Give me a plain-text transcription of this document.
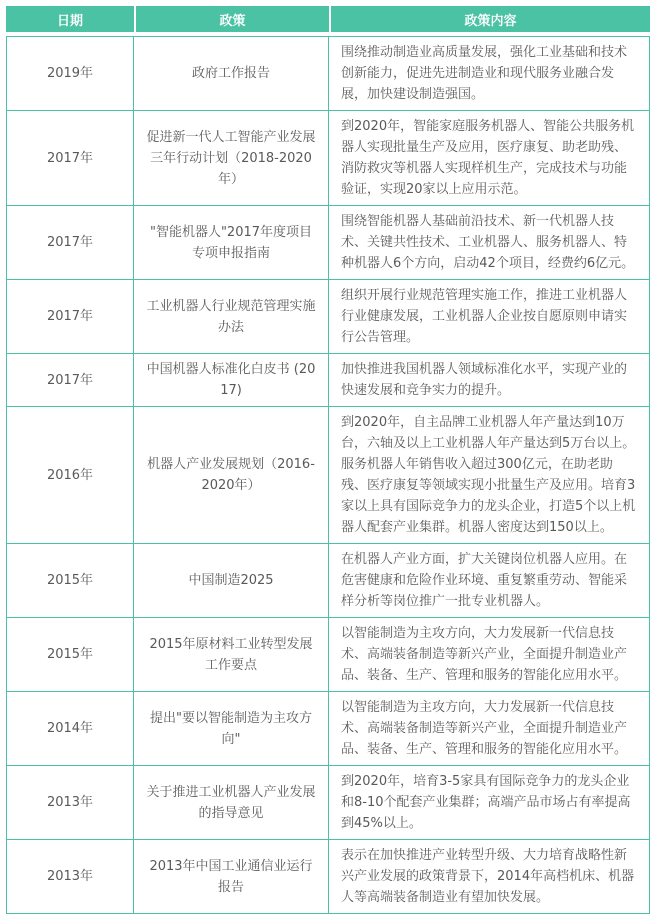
日期	政策	政策内容
2019年	政府工作报告	围绕推动制造业高质量发展，强化工业基础和技术创新能力，促进先进制造业和现代服务业融合发展，加快建设制造强国。
2017年	促进新一代人工智能产业发展三年行动计划（2018-2020年）	到2020年，智能家庭服务机器人、智能公共服务机器人实现批量生产及应用，医疗康复、助老助残、消防救灾等机器人实现样机生产，完成技术与功能验证，实现20家以上应用示范。
2017年	"智能机器人"2017年度项目专项申报指南	围绕智能机器人基础前沿技术、新一代机器人技术、关键共性技术、工业机器人、服务机器人、特种机器人6个方向，启动42个项目，经费约6亿元。
2017年	工业机器人行业规范管理实施办法	组织开展行业规范管理实施工作，推进工业机器人行业健康发展，工业机器人企业按自愿原则申请实行公告管理。
2017年	中国机器人标准化白皮书 (2017)	加快推进我国机器人领域标准化水平，实现产业的快速发展和竞争实力的提升。
2016年	机器人产业发展规划（2016-2020年）	到2020年，自主品牌工业机器人年产量达到10万台，六轴及以上工业机器人年产量达到5万台以上。服务机器人年销售收入超过300亿元，在助老助残、医疗康复等领域实现小批量生产及应用。培育3家以上具有国际竞争力的龙头企业，打造5个以上机器人配套产业集群。机器人密度达到150以上。
2015年	中国制造2025	在机器人产业方面，扩大关键岗位机器人应用。在危害健康和危险作业环境、重复繁重劳动、智能采样分析等岗位推广一批专业机器人。
2015年	2015年原材料工业转型发展工作要点	以智能制造为主攻方向，大力发展新一代信息技术、高端装备制造等新兴产业，全面提升制造业产品、装备、生产、管理和服务的智能化应用水平。
2014年	提出"要以智能制造为主攻方向"	以智能制造为主攻方向，大力发展新一代信息技术、高端装备制造等新兴产业，全面提升制造业产品、装备、生产、管理和服务的智能化应用水平。
2013年	关于推进工业机器人产业发展的指导意见	到2020年，培育3-5家具有国际竞争力的龙头企业和8-10个配套产业集群；高端产品市场占有率提高到45%以上。
2013年	2013年中国工业通信业运行报告	表示在加快推进产业转型升级、大力培育战略性新兴产业发展的政策背景下，2014年高档机床、机器人等高端装备制造业有望加快发展。
